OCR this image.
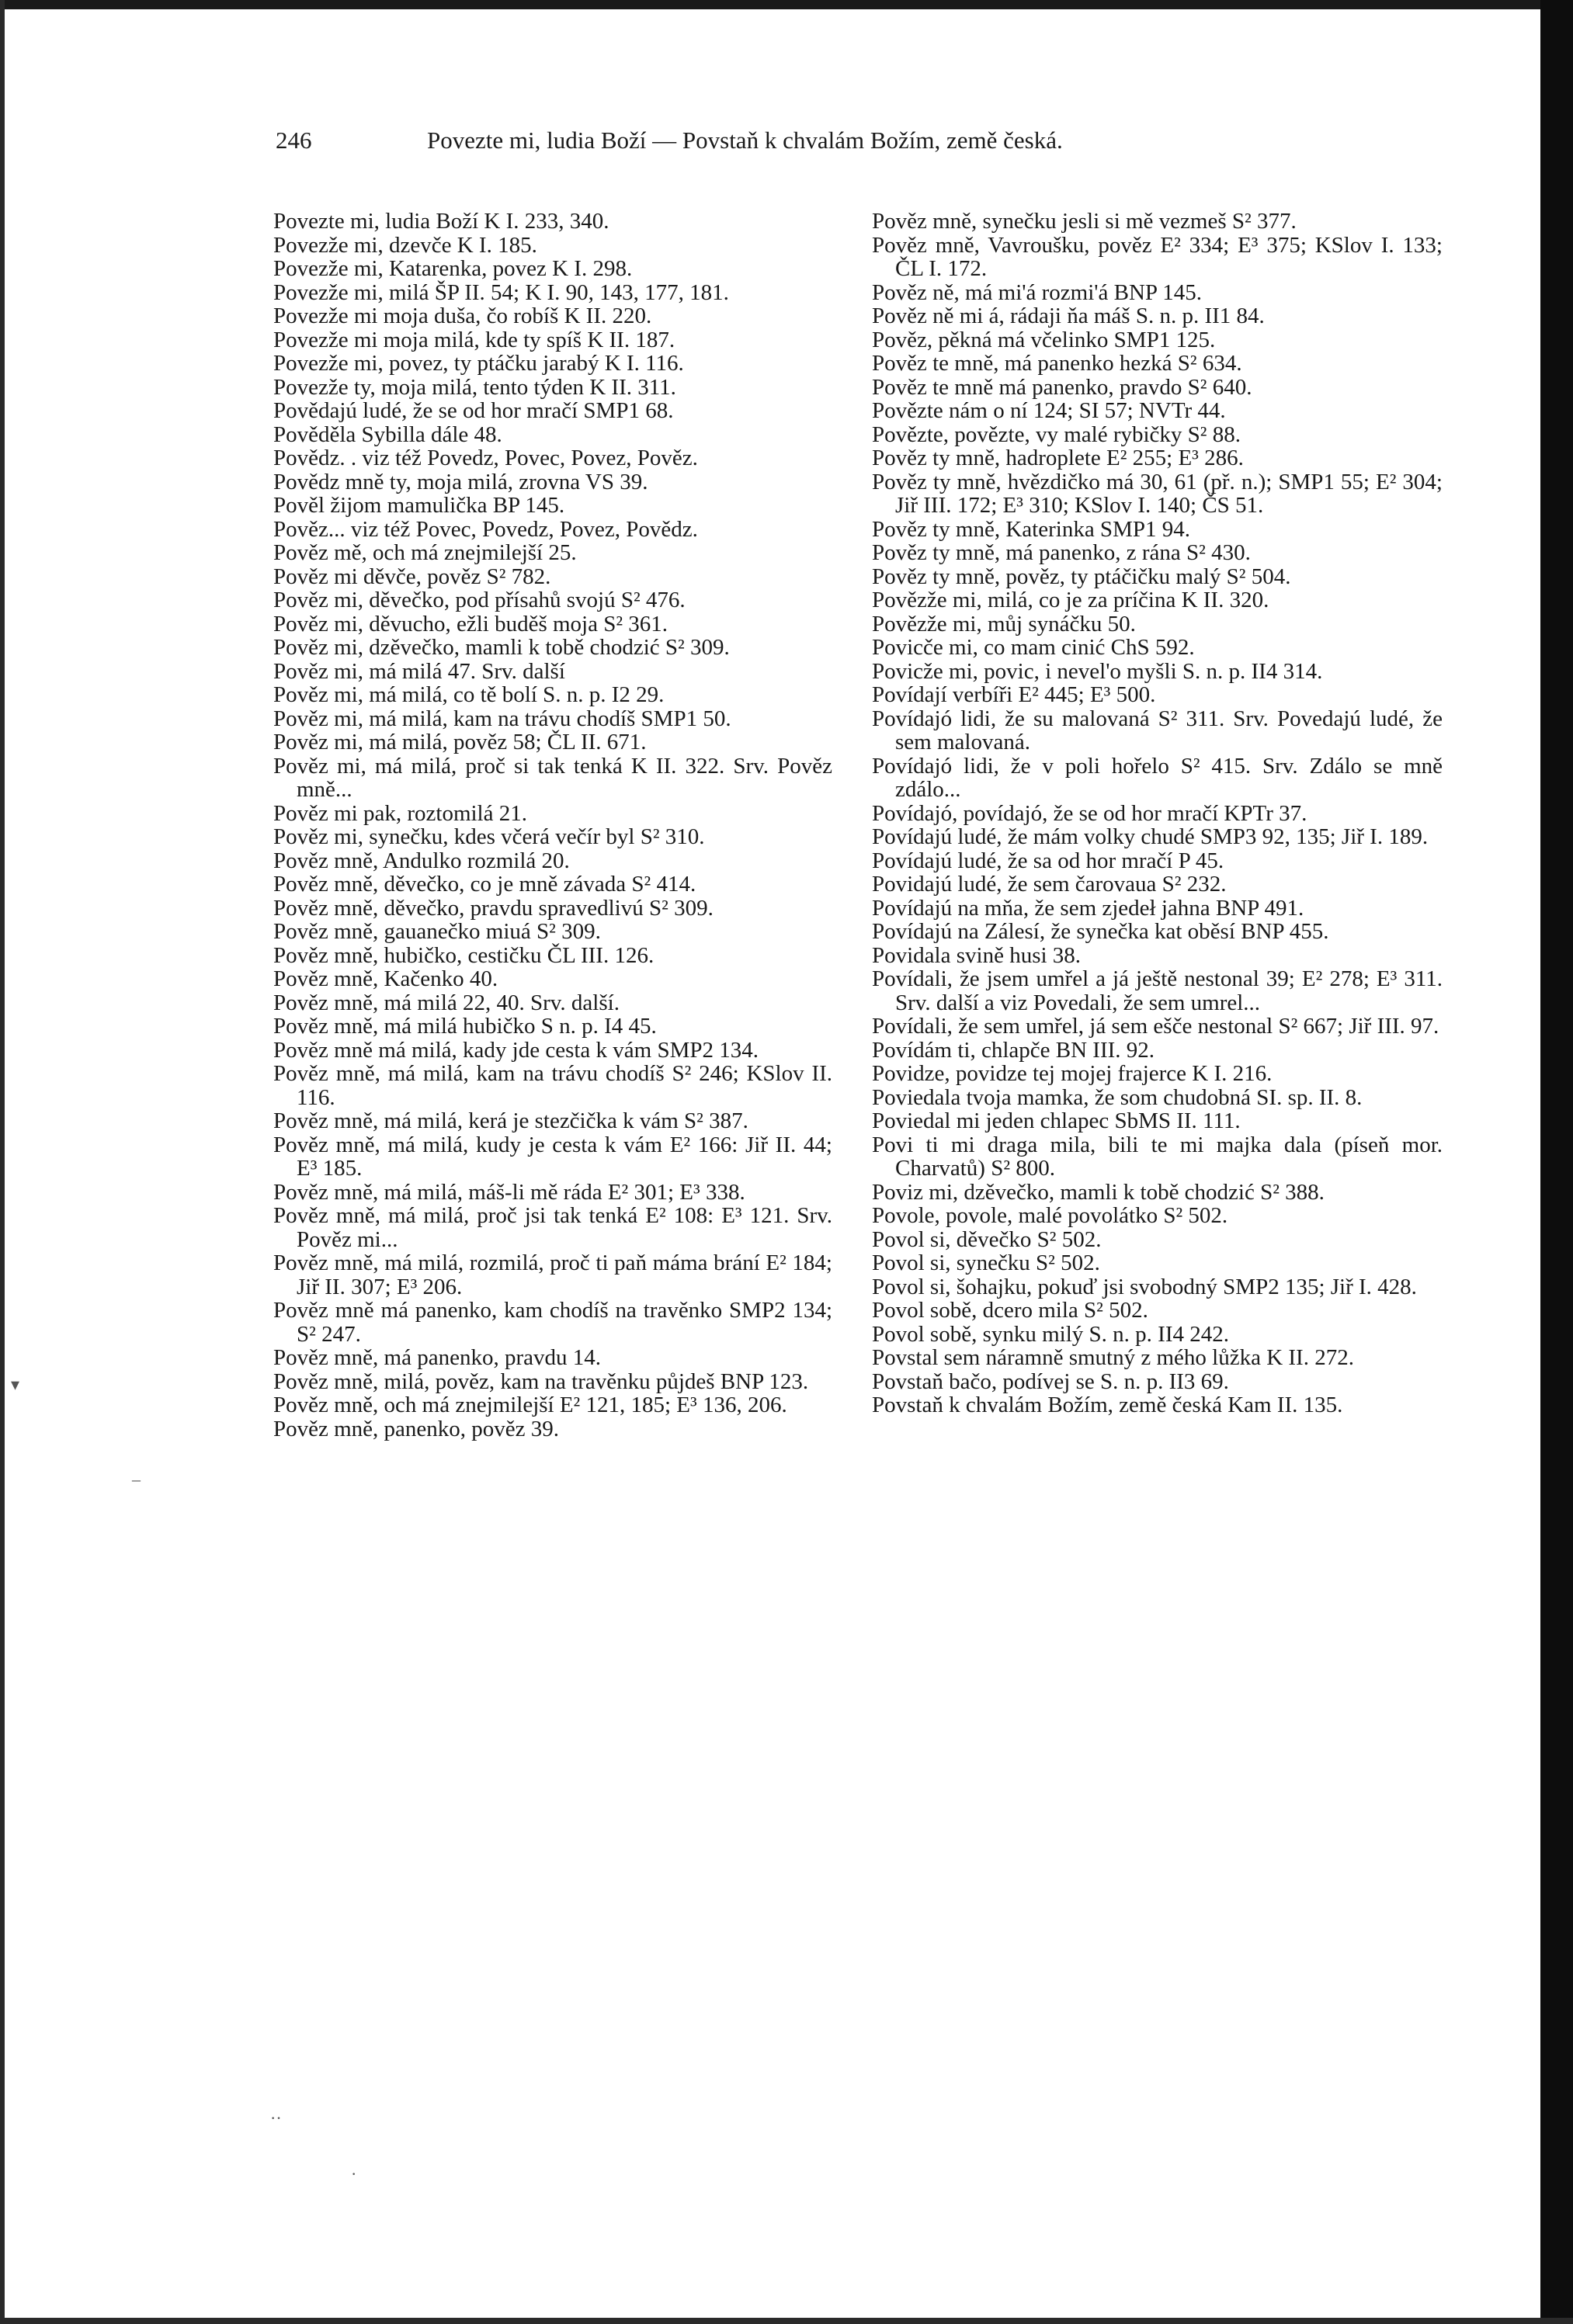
246	Povezte mi, ludia Boží — Povstaň k chvalám Božím, země česká.

Povezte mi, ludia Boží K I. 233, 340.

Povezže mi, dzevče K I. 185.

Povezže mi, Katarenka, povez K I. 298.

Povezže mi, milá ŠP II. 54; K I. 90, 143, 177, 181.

Povezže mi moja duša, čo robíš K II. 220.

Povezže mi moja milá, kde ty spíš K II. 187.

Povezže mi, povez, ty ptáčku jarabý K I. 116.

Povezže ty, moja milá, tento týden K II. 311.

Povědajú ludé, že se od hor mračí SMP1 68.

Pověděla Sybilla dále 48.

Povědz. . viz též Povedz, Povec, Povez, Pověz.

Povědz mně ty, moja milá, zrovna VS 39.

Pověl žijom mamulička BP 145.

Pověz... viz též Povec, Povedz, Povez, Povědz.

Pověz mě, och má znejmilejší 25.

Pověz mi děvče, pověz S² 782.

Pověz mi, děvečko, pod přísahů svojú S² 476.

Pověz mi, děvucho, ežli buděš moja S² 361.

Pověz mi, dzěvečko, mamli k tobě chodzić S² 309.

Pověz mi, má milá 47. Srv. další

Pověz mi, má milá, co tě bolí S. n. p. I2 29.

Pověz mi, má milá, kam na trávu chodíš SMP1 50.

Pověz mi, má milá, pověz 58; ČL II. 671.

Pověz mi, má milá, proč si tak tenká K II. 322. Srv. Pověz mně...

Pověz mi pak, roztomilá 21.

Pověz mi, synečku, kdes včerá večír byl S² 310.

Pověz mně, Andulko rozmilá 20.

Pověz mně, děvečko, co je mně závada S² 414.

Pověz mně, děvečko, pravdu spravedlivú S² 309.

Pověz mně, gauanečko miuá S² 309.

Pověz mně, hubičko, cestičku ČL III. 126.

Pověz mně, Kačenko 40.

Pověz mně, má milá 22, 40. Srv. další.

Pověz mně, má milá hubičko S n. p. I4 45.

Pověz mně má milá, kady jde cesta k vám SMP2 134.

Pověz mně, má milá, kam na trávu chodíš S² 246; KSlov II. 116.

Pověz mně, má milá, kerá je stezčička k vám S² 387.

Pověz mně, má milá, kudy je cesta k vám E² 166: Jiř II. 44; E³ 185.

Pověz mně, má milá, máš-li mě ráda E² 301; E³ 338.

Pověz mně, má milá, proč jsi tak tenká E² 108: E³ 121. Srv. Pověz mi...

Pověz mně, má milá, rozmilá, proč ti paň máma brání E² 184; Jiř II. 307; E³ 206.

Pověz mně má panenko, kam chodíš na travěnko SMP2 134; S² 247.

Pověz mně, má panenko, pravdu 14.

Pověz mně, milá, pověz, kam na travěnku půjdeš BNP 123.

Pověz mně, och má znejmilejší E² 121, 185; E³ 136, 206.

Pověz mně, panenko, pověz 39.

Pověz mně, synečku jesli si mě vezmeš S² 377.

Pověz mně, Vavroušku, pověz E² 334; E³ 375; KSlov I. 133; ČL I. 172.

Pověz ně, má mi'á rozmi'á BNP 145.

Pověz ně mi á, rádaji ňa máš S. n. p. II1 84.

Pověz, pěkná má včelinko SMP1 125.

Pověz te mně, má panenko hezká S² 634.

Pověz te mně má panenko, pravdo S² 640.

Povězte nám o ní 124; SI 57; NVTr 44.

Povězte, povězte, vy malé rybičky S² 88.

Pověz ty mně, hadroplete E² 255; E³ 286.

Pověz ty mně, hvězdičko má 30, 61 (př. n.); SMP1 55; E² 304; Jiř III. 172; E³ 310; KSlov I. 140; ČS 51.

Pověz ty mně, Katerinka SMP1 94.

Pověz ty mně, má panenko, z rána S² 430.

Pověz ty mně, pověz, ty ptáčičku malý S² 504.

Povězže mi, milá, co je za príčina K II. 320.

Povězže mi, můj synáčku 50.

Povicče mi, co mam cinić ChS 592.

Povicže mi, povic, i nevel'o myšli S. n. p. II4 314.

Povídají verbíři E² 445; E³ 500.

Povídajó lidi, že su malovaná S² 311. Srv. Povedajú ludé, že sem malovaná.

Povídajó lidi, že v poli hořelo S² 415. Srv. Zdálo se mně zdálo...

Povídajó, povídajó, že se od hor mračí KPTr 37.

Povídajú ludé, že mám volky chudé SMP3 92, 135; Jiř I. 189.

Povídajú ludé, že sa od hor mračí P 45.

Povidajú ludé, že sem čarovaua S² 232.

Povídajú na mňa, že sem zjedeł jahna BNP 491.

Povídajú na Zálesí, že synečka kat oběsí BNP 455.

Povidala svině husi 38.

Povídali, že jsem umřel a já ještě nestonal 39; E² 278; E³ 311. Srv. další a viz Povedali, že sem umrel...

Povídali, že sem umřel, já sem ešče nestonal S² 667; Jiř III. 97.

Povídám ti, chlapče BN III. 92.

Povidze, povidze tej mojej frajerce K I. 216.

Poviedala tvoja mamka, že som chudobná SI. sp. II. 8.

Poviedal mi jeden chlapec SbMS II. 111.

Povi ti mi draga mila, bili te mi majka dala (píseň mor. Charvatů) S² 800.

Poviz mi, dzěvečko, mamli k tobě chodzić S² 388.

Povole, povole, malé povolátko S² 502.

Povol si, děvečko S² 502.

Povol si, synečku S² 502.

Povol si, šohajku, pokuď jsi svobodný SMP2 135; Jiř I. 428.

Povol sobě, dcero mila S² 502.

Povol sobě, synku milý S. n. p. II4 242.

Povstal sem náramně smutný z mého lůžka K II. 272.

Povstaň bačo, podívej se S. n. p. II3 69.

Povstaň k chvalám Božím, země česká Kam II. 135.

▾
–
··
·
